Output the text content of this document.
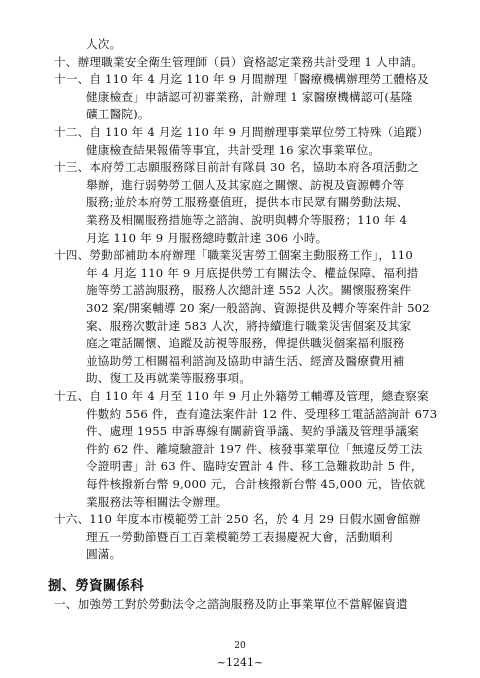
人次。
十、辦理職業安全衛生管理師（員）資格認定業務共計受理 1 人申請。
十一、自 110 年 4 月迄 110 年 9 月間辦理「醫療機構辦理勞工體格及
健康檢查」申請認可初審業務，計辦理 1 家醫療機構認可(基隆
礦工醫院)。
十二、自 110 年 4 月迄 110 年 9 月間辦理事業單位勞工特殊（追蹤）
健康檢查結果報備等事宜，共計受理 16 家次事業單位。
十三、本府勞工志願服務隊目前計有隊員 30 名，協助本府各項活動之
舉辦，進行弱勢勞工個人及其家庭之關懷、訪視及資源轉介等
服務;並於本府勞工服務臺值班，提供本市民眾有關勞動法規、
業務及相關服務措施等之諮詢、說明與轉介等服務；110 年 4
月迄 110 年 9 月服務總時數計達 306 小時。
十四、勞動部補助本府辦理「職業災害勞工個案主動服務工作」，110
年 4 月迄 110 年 9 月底提供勞工有關法令、權益保障、福利措
施等勞工諮詢服務，服務人次總計達 552 人次。關懷服務案件
302 案/開案輔導 20 案/一般諮詢、資源提供及轉介等案件計 502
案、服務次數計達 583 人次，將持續進行職業災害個案及其家
庭之電話關懷、追蹤及訪視等服務，俾提供職災個案福利服務
並協助勞工相關福利諮詢及協助申請生活、經濟及醫療費用補
助、復工及再就業等服務事項。
十五、自 110 年 4 月至 110 年 9 月止外籍勞工輔導及管理，總查察案
件數約 556 件，查有違法案件計 12 件、受理移工電話諮詢計 673
件、處理 1955 申訴專線有關薪資爭議、契約爭議及管理爭議案
件約 62 件、離境驗證計 197 件、核發事業單位「無違反勞工法
令證明書」計 63 件、臨時安置計 4 件、移工急難救助計 5 件，
每件核撥新台幣 9,000 元，合計核撥新台幣 45,000 元，皆依就
業服務法等相關法令辦理。
十六、110 年度本市模範勞工計 250 名，於 4 月 29 日假水園會館辦
理五一勞動節暨百工百業模範勞工表揚慶祝大會，活動順利
圓滿。
捌、勞資關係科
一、加強勞工對於勞動法令之諮詢服務及防止事業單位不當解僱資遣
20
~1241~
